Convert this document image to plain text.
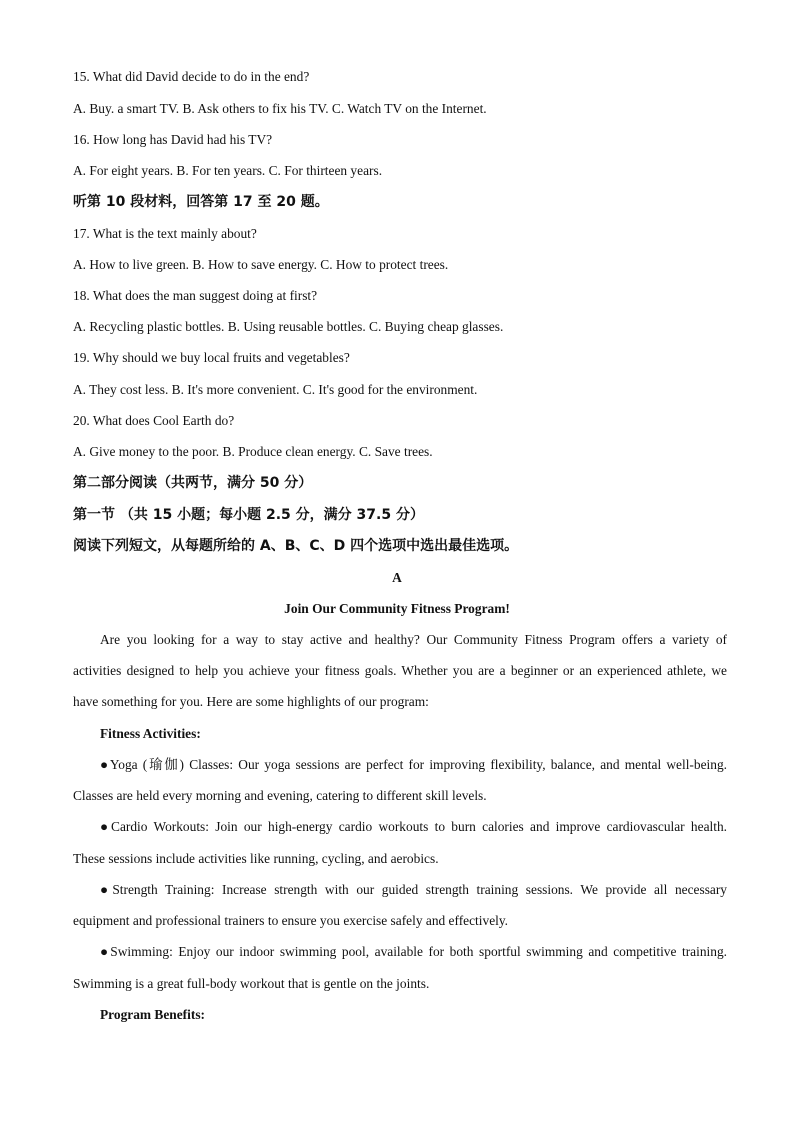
15. What did David decide to do in the end?
A. Buy. a smart TV. B. Ask others to fix his TV. C. Watch TV on the Internet.
16. How long has David had his TV?
A. For eight years. B. For ten years. C. For thirteen years.
听第 10 段材料，回答第 17 至 20 题。
17. What is the text mainly about?
A. How to live green. B. How to save energy. C. How to protect trees.
18. What does the man suggest doing at first?
A. Recycling plastic bottles. B. Using reusable bottles. C. Buying cheap glasses.
19. Why should we buy local fruits and vegetables?
A. They cost less. B. It's more convenient. C. It's good for the environment.
20. What does Cool Earth do?
A. Give money to the poor. B. Produce clean energy. C. Save trees.
第二部分阅读（共两节，满分 50 分）
第一节 （共 15 小题；每小题 2.5 分，满分 37.5 分）
阅读下列短文，从每题所给的 A、B、C、D 四个选项中选出最佳选项。
A
Join Our Community Fitness Program!
Are you looking for a way to stay active and healthy? Our Community Fitness Program offers a variety of
activities designed to help you achieve your fitness goals. Whether you are a beginner or an experienced athlete, we
have something for you. Here are some highlights of our program:
Fitness Activities:
●Yoga (瑜伽) Classes: Our yoga sessions are perfect for improving flexibility, balance, and mental well-being.
Classes are held every morning and evening, catering to different skill levels.
●Cardio Workouts: Join our high-energy cardio workouts to burn calories and improve cardiovascular health.
These sessions include activities like running, cycling, and aerobics.
●Strength Training: Increase strength with our guided strength training sessions. We provide all necessary
equipment and professional trainers to ensure you exercise safely and effectively.
●Swimming: Enjoy our indoor swimming pool, available for both sportful swimming and competitive training.
Swimming is a great full-body workout that is gentle on the joints.
Program Benefits:
